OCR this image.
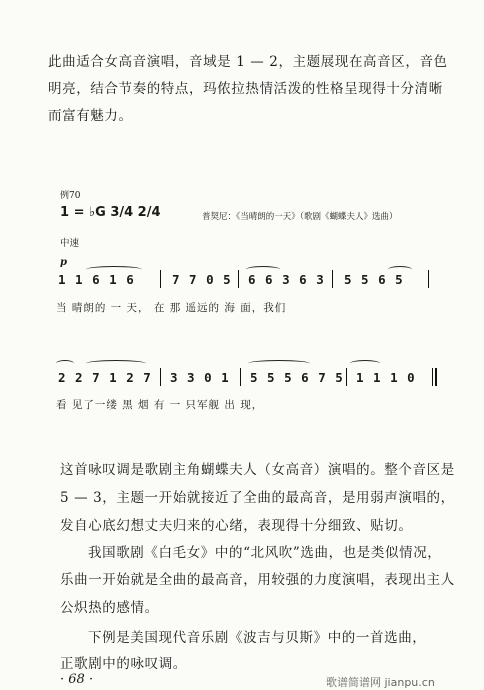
此曲适合女高音演唱，音域是 1 — 2，主题展现在高音区，音色
明亮，结合节奏的特点，玛侬拉热情活泼的性格呈现得十分清晰
而富有魅力。
例70
1 = ♭G 3/4 2/4	普契尼：《当晴朗的一天》（歌剧《蝴蝶夫人》选曲）
中速
p
1 1 6 1 6	7 7 0 5 6 6 3 6 3 5 5 6 5
当 晴朗的 一 天， 在 那 遥远的 海 面，我们
2 2 7 1 2 7 3 3 0 1 5 5 5 6 7 5 1 1 1 0
看 见了一缕 黑 烟 有 一 只军舰 出 现，
这首咏叹调是歌剧主角蝴蝶夫人（女高音）演唱的。整个音区是
5 — 3，主题一开始就接近了全曲的最高音，是用弱声演唱的，
发自心底幻想丈夫归来的心绪，表现得十分细致、贴切。
我国歌剧《白毛女》中的“北风吹”选曲，也是类似情况，
乐曲一开始就是全曲的最高音，用较强的力度演唱，表现出主人
公炽热的感情。
下例是美国现代音乐剧《波吉与贝斯》中的一首选曲，
正歌剧中的咏叹调。
· 68 ·	歌谱简谱网 jianpu.cn
